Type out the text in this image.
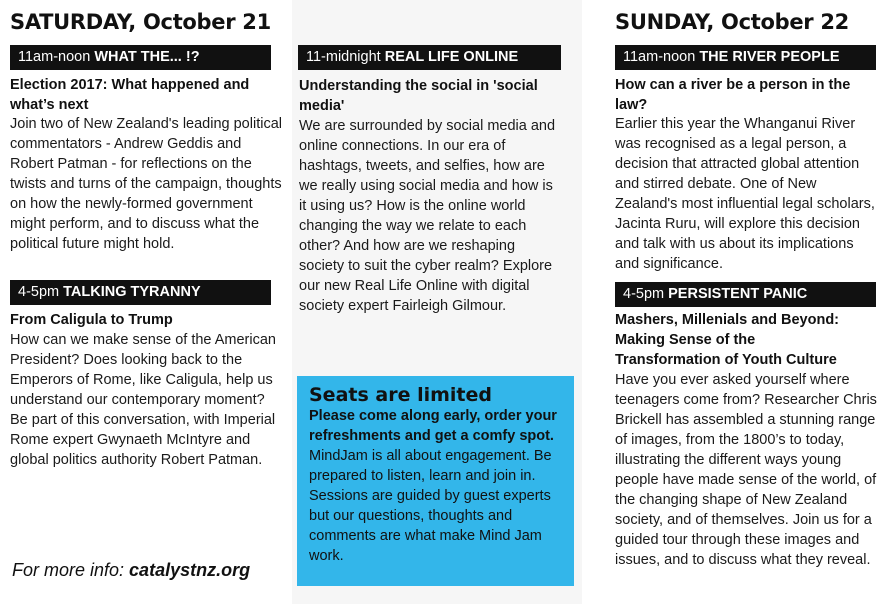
SATURDAY, October 21
11am-noon WHAT THE... !?
Election 2017: What happened and what’s next
Join two of New Zealand's leading political commentators - Andrew Geddis and Robert Patman - for reflections on the twists and turns of the campaign, thoughts on how the newly-formed government might perform, and to discuss what the political future might hold.
4-5pm TALKING TYRANNY
From Caligula to Trump
How can we make sense of the American President? Does looking back to the Emperors of Rome, like Caligula, help us understand our contemporary moment? Be part of this conversation, with Imperial Rome expert Gwynaeth McIntyre and global politics authority Robert Patman.
11-midnight REAL LIFE ONLINE
Understanding the social in 'social media'
We are surrounded by social media and online connections. In our era of hashtags, tweets, and selfies, how are we really using social media and how is it using us? How is the online world changing the way we relate to each other? And how are we reshaping society to suit the cyber realm? Explore our new Real Life Online with digital society expert Fairleigh Gilmour.
Seats are limited
Please come along early, order your refreshments and get a comfy spot.
MindJam is all about engagement. Be prepared to listen, learn and join in. Sessions are guided by guest experts but our questions, thoughts and comments are what make Mind Jam work.
For more info: catalystnz.org
SUNDAY, October 22
11am-noon THE RIVER PEOPLE
How can a river be a person in the law?
Earlier this year the Whanganui River was recognised as a legal person, a decision that attracted global attention and stirred debate. One of New Zealand's most influential legal scholars, Jacinta Ruru, will explore this decision and talk with us about its implications and significance.
4-5pm PERSISTENT PANIC
Mashers, Millenials and Beyond: Making Sense of the Transformation of Youth Culture
Have you ever asked yourself where teenagers come from? Researcher Chris Brickell has assembled a stunning range of images, from the 1800’s to today, illustrating the different ways young people have made sense of the world, of the changing shape of New Zealand society, and of themselves. Join us for a guided tour through these images and issues, and to discuss what they reveal.
